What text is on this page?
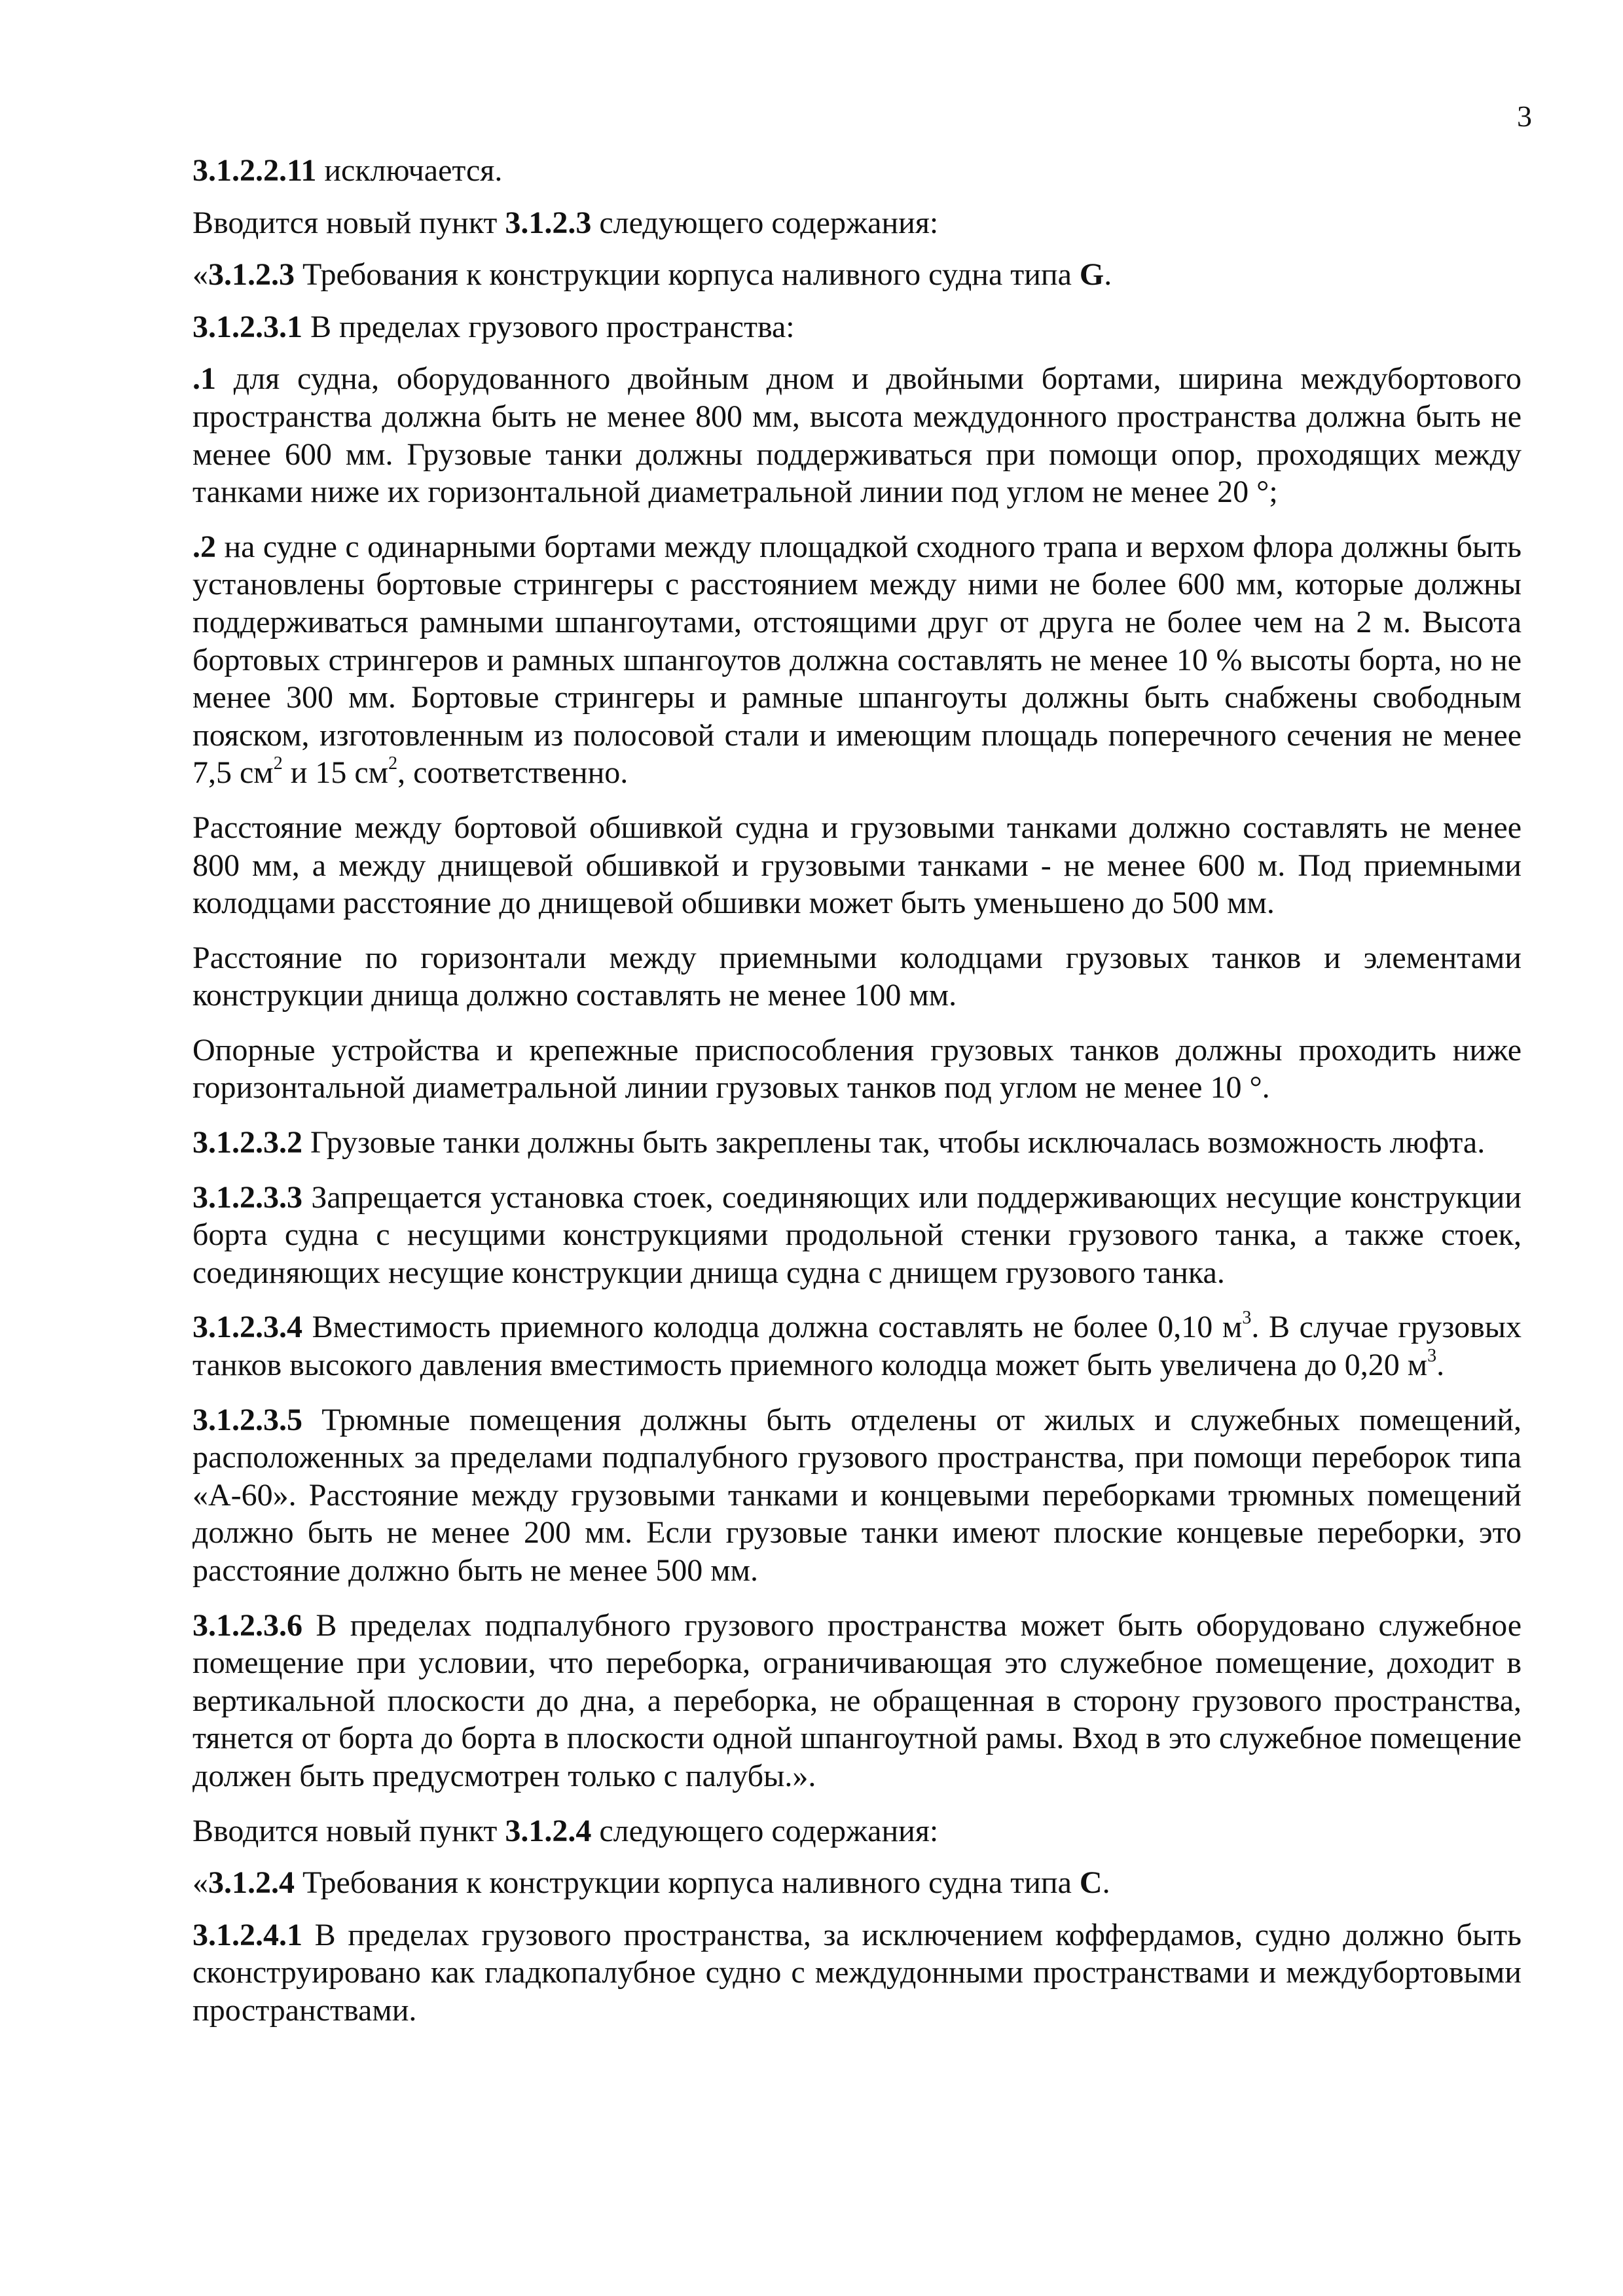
3

3.1.2.2.11 исключается.

Вводится новый пункт 3.1.2.3 следующего содержания:

«3.1.2.3 Требования к конструкции корпуса наливного судна типа G.

3.1.2.3.1 В пределах грузового пространства:

.1 для судна, оборудованного двойным дном и двойными бортами, ширина междубортового пространства должна быть не менее 800 мм, высота междудонного пространства должна быть не менее 600 мм. Грузовые танки должны поддерживаться при помощи опор, проходящих между танками ниже их горизонтальной диаметральной линии под углом не менее 20 °;

.2 на судне с одинарными бортами между площадкой сходного трапа и верхом флора должны быть установлены бортовые стрингеры с расстоянием между ними не более 600 мм, которые должны поддерживаться рамными шпангоутами, отстоящими друг от друга не более чем на 2 м. Высота бортовых стрингеров и рамных шпангоутов должна составлять не менее 10 % высоты борта, но не менее 300 мм. Бортовые стрингеры и рамные шпангоуты должны быть снабжены свободным пояском, изготовленным из полосовой стали и имеющим площадь поперечного сечения не менее 7,5 $см^2$ и 15 $см^2$, соответственно.

Расстояние между бортовой обшивкой судна и грузовыми танками должно составлять не менее 800 мм, а между днищевой обшивкой и грузовыми танками - не менее 600 м. Под приемными колодцами расстояние до днищевой обшивки может быть уменьшено до 500 мм.

Расстояние по горизонтали между приемными колодцами грузовых танков и элементами конструкции днища должно составлять не менее 100 мм.

Опорные устройства и крепежные приспособления грузовых танков должны проходить ниже горизонтальной диаметральной линии грузовых танков под углом не менее 10 °.

3.1.2.3.2 Грузовые танки должны быть закреплены так, чтобы исключалась возможность люфта.

3.1.2.3.3 Запрещается установка стоек, соединяющих или поддерживающих несущие конструкции борта судна с несущими конструкциями продольной стенки грузового танка, а также стоек, соединяющих несущие конструкции днища судна с днищем грузового танка.

3.1.2.3.4 Вместимость приемного колодца должна составлять не более 0,10 $м^3$. В случае грузовых танков высокого давления вместимость приемного колодца может быть увеличена до 0,20 $м^3$.

3.1.2.3.5 Трюмные помещения должны быть отделены от жилых и служебных помещений, расположенных за пределами подпалубного грузового пространства, при помощи переборок типа «А-60». Расстояние между грузовыми танками и концевыми переборками трюмных помещений должно быть не менее 200 мм. Если грузовые танки имеют плоские концевые переборки, это расстояние должно быть не менее 500 мм.

3.1.2.3.6 В пределах подпалубного грузового пространства может быть оборудовано служебное помещение при условии, что переборка, ограничивающая это служебное помещение, доходит в вертикальной плоскости до дна, а переборка, не обращенная в сторону грузового пространства, тянется от борта до борта в плоскости одной шпангоутной рамы. Вход в это служебное помещение должен быть предусмотрен только с палубы.».

Вводится новый пункт 3.1.2.4 следующего содержания:

«3.1.2.4 Требования к конструкции корпуса наливного судна типа C.

3.1.2.4.1 В пределах грузового пространства, за исключением коффердамов, судно должно быть сконструировано как гладкопалубное судно с междудонными пространствами и междубортовыми пространствами.
